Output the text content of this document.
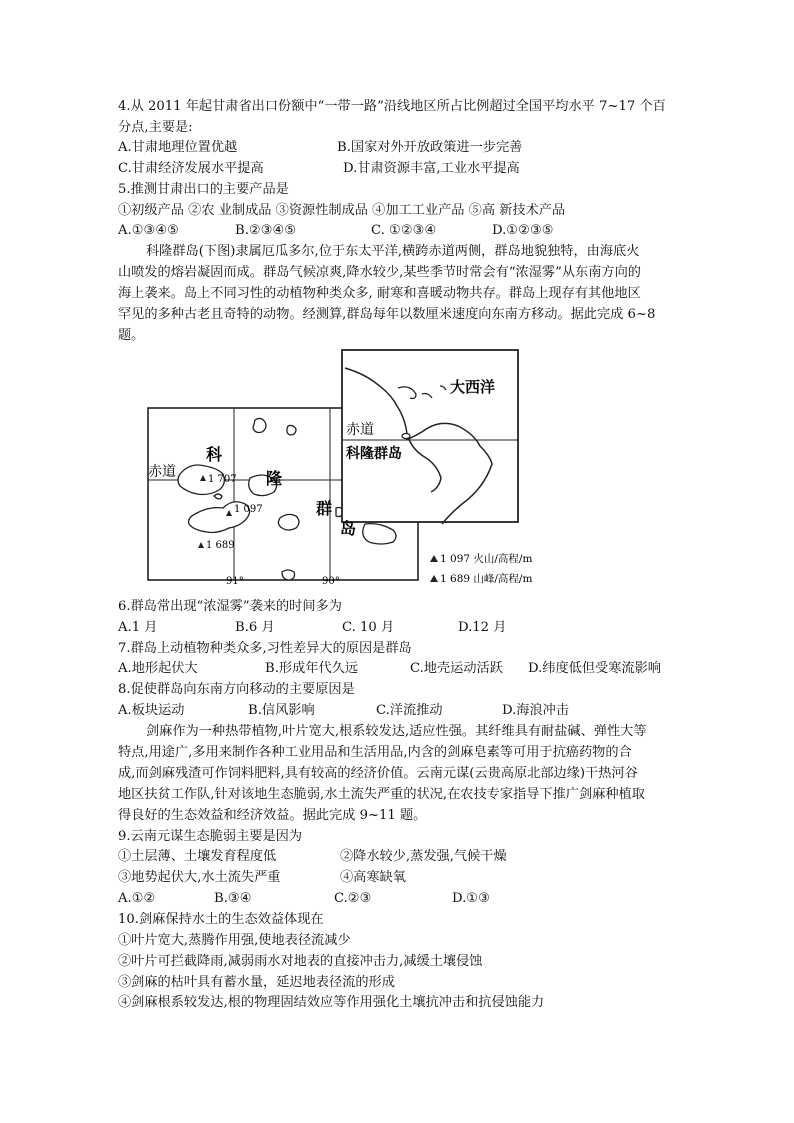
4.从 2011 年起甘肃省出口份额中“一带一路”沿线地区所占比例超过全国平均水平 7~17 个百
分点,主要是:
A.甘肃地理位置优越	B.国家对外开放政策进一步完善
C.甘肃经济发展水平提高	D.甘肃资源丰富,工业水平提高
5.推测甘肃出口的主要产品是
①初级产品 ②农 业制成品 ③资源性制成品 ④加工工业产品 ⑤高 新技术产品
A.①③④⑤	B.②③④⑤	C. ①②③④	D.①②③⑤
科隆群岛(下图)隶属厄瓜多尔,位于东太平洋,横跨赤道两侧，群岛地貌独特，由海底火
山喷发的熔岩凝固而成。群岛气候凉爽,降水较少,某些季节时常会有“浓湿雾”从东南方向的
海上袭来。岛上不同习性的动植物种类众多, 耐寒和喜暖动物共存。群岛上现存有其他地区
罕见的多种古老且奇特的动物。经测算,群岛每年以数厘米速度向东南方移动。据此完成 6~8
题。
大西洋
赤道
科隆群岛
赤道
科
隆
群
岛
1 707
1 097
1 689
91°	90°
1 097 火山/高程/m
1 689 山峰/高程/m
6.群岛常出现“浓湿雾”袭来的时间多为
A.1 月	B.6 月	C. 10 月	D.12 月
7.群岛上动植物种类众多,习性差异大的原因是群岛
A.地形起伏大	B.形成年代久远	C.地壳运动活跃 D.纬度低但受寒流影响
8.促使群岛向东南方向移动的主要原因是
A.板块运动	B.信风影响	C.洋流推动	D.海浪冲击
剑麻作为一种热带植物,叶片宽大,根系较发达,适应性强。其纤维具有耐盐碱、弹性大等
特点,用途广,多用来制作各种工业用品和生活用品,内含的剑麻皂素等可用于抗癌药物的合
成,而剑麻残渣可作饲料肥料,具有较高的经济价值。云南元谋(云贵高原北部边缘)干热河谷
地区扶贫工作队,针对该地生态脆弱,水土流失严重的状况,在农技专家指导下推广剑麻种植取
得良好的生态效益和经济效益。据此完成 9~11 题。
9.云南元谋生态脆弱主要是因为
①土层薄、土壤发育程度低	②降水较少,蒸发强,气候干燥
③地势起伏大,水土流失严重	④高寒缺氧
A.①②	B.③④	C.②③	D.①③
10.剑麻保持水土的生态效益体现在
①叶片宽大,蒸腾作用强,使地表径流减少
②叶片可拦截降雨,减弱雨水对地表的直接冲击力,减缓土壤侵蚀
③剑麻的枯叶具有蓄水量，延迟地表径流的形成
④剑麻根系较发达,根的物理固结效应等作用强化土壤抗冲击和抗侵蚀能力
